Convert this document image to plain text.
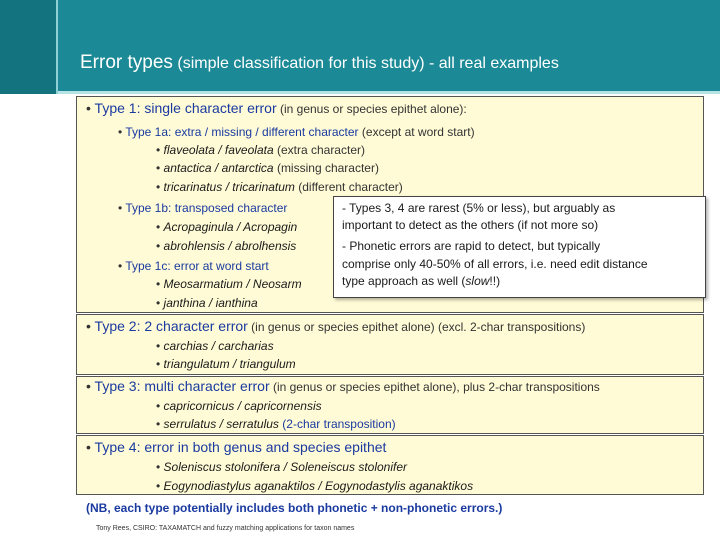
Error types (simple classification for this study) - all real examples
• Type 1: single character error (in genus or species epithet alone):
• Type 1a: extra / missing / different character (except at word start)
• flaveolata / faveolata (extra character)
• antactica / antarctica (missing character)
• tricarinatus / tricarinatum (different character)
• Type 1b: transposed character
• Acropaginula / Acropagin
• abrohlensis / abrolhensis
• Type 1c: error at word start
• Meosarmatium / Neosarm
• janthina / ianthina
- Types 3, 4 are rarest (5% or less), but arguably as
important to detect as the others (if not more so)
- Phonetic errors are rapid to detect, but typically
comprise only 40-50% of all errors, i.e. need edit distance
type approach as well (slow!!)
• Type 2: 2 character error (in genus or species epithet alone) (excl. 2-char transpositions)
• carchias / carcharias
• triangulatum / triangulum
• Type 3: multi character error (in genus or species epithet alone), plus 2-char transpositions
• capricornicus / capricornensis
• serrulatus / serratulus (2-char transposition)
• Type 4: error in both genus and species epithet
• Soleniscus stolonifera / Soleneiscus stolonifer
• Eogynodiastylus aganaktilos / Eogynodastylis aganaktikos
(NB, each type potentially includes both phonetic + non-phonetic errors.)
Tony Rees, CSIRO: TAXAMATCH and fuzzy matching applications for taxon names
